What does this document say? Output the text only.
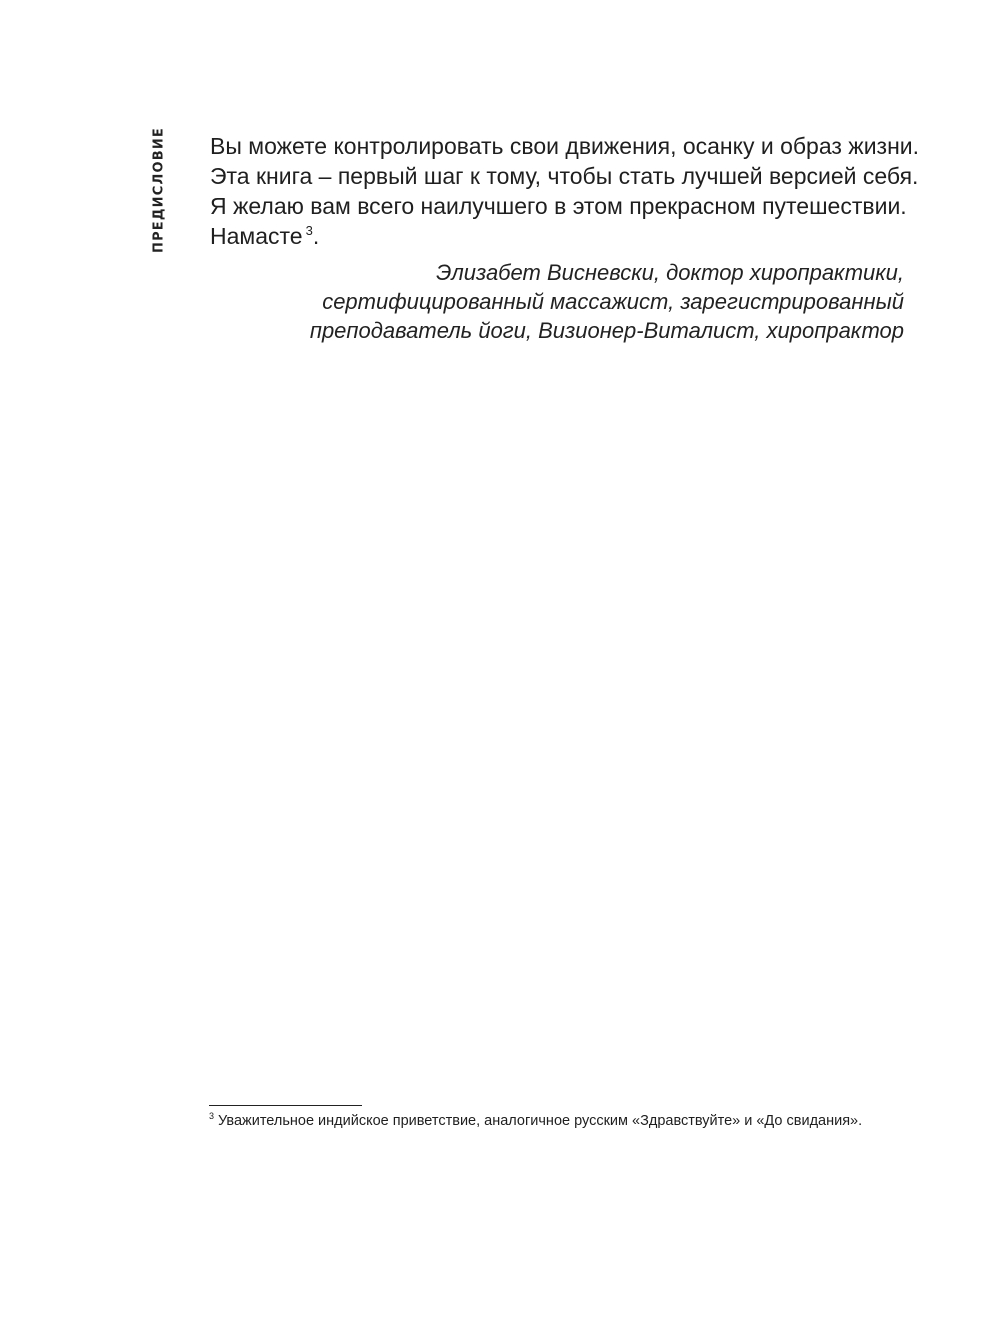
ПРЕДИСЛОВИЕ Вы можете контролировать свои движения, осанку и образ жизни.
Эта книга – первый шаг к тому, чтобы стать лучшей версией себя.
Я желаю вам всего наилучшего в этом прекрасном путешествии.
Намасте $^3$.

Элизабет Висневски, доктор хиропрактики,
сертифицированный массажист, зарегистрированный
преподаватель йоги, Визионер-Виталист, хиропрактор

$^3$ Уважительное индийское приветствие, аналогичное русским «Здравствуйте» и «До свидания».
